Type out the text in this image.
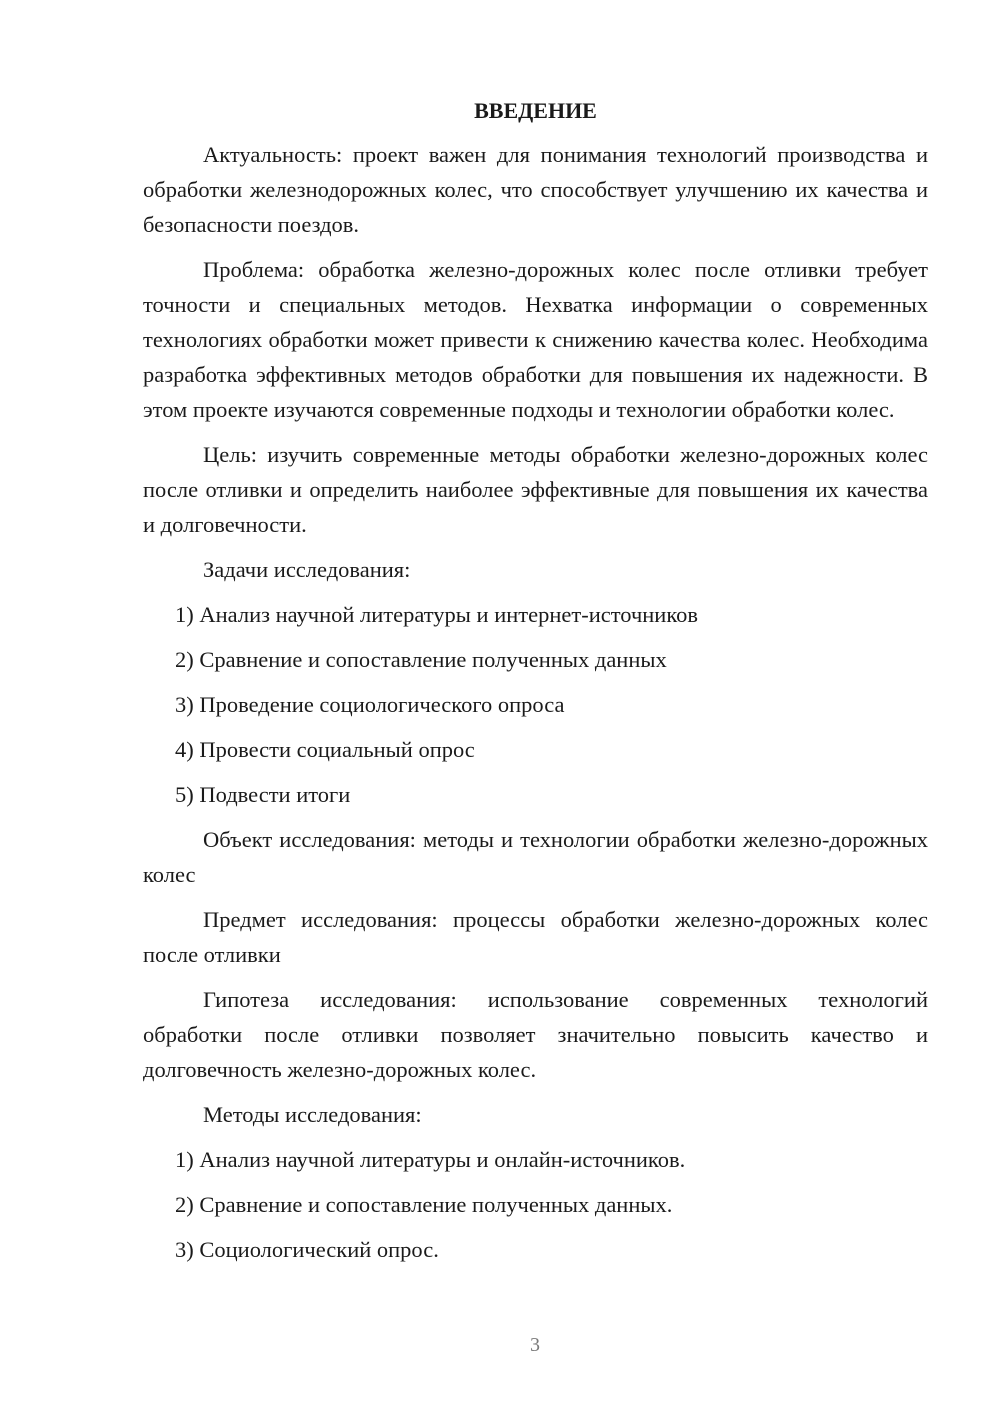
ВВЕДЕНИЕ

Актуальность: проект важен для понимания технологий производства и обработки железнодорожных колес, что способствует улучшению их качества и безопасности поездов.

Проблема: обработка железно-дорожных колес после отливки требует точности и специальных методов. Нехватка информации о современных технологиях обработки может привести к снижению качества колес. Необходима разработка эффективных методов обработки для повышения их надежности. В этом проекте изучаются современные подходы и технологии обработки колес.

Цель: изучить современные методы обработки железно-дорожных колес после отливки и определить наиболее эффективные для повышения их качества и долговечности.

Задачи исследования:

1) Анализ научной литературы и интернет-источников

2) Сравнение и сопоставление полученных данных

3) Проведение социологического опроса

4) Провести социальный опрос

5) Подвести итоги

Объект исследования: методы и технологии обработки железно-дорожных колес

Предмет исследования: процессы обработки железно-дорожных колес после отливки

Гипотеза исследования: использование современных технологий обработки после отливки позволяет значительно повысить качество и долговечность железно-дорожных колес.

Методы исследования:

1) Анализ научной литературы и онлайн-источников.

2) Сравнение и сопоставление полученных данных.

3) Социологический опрос.

3
